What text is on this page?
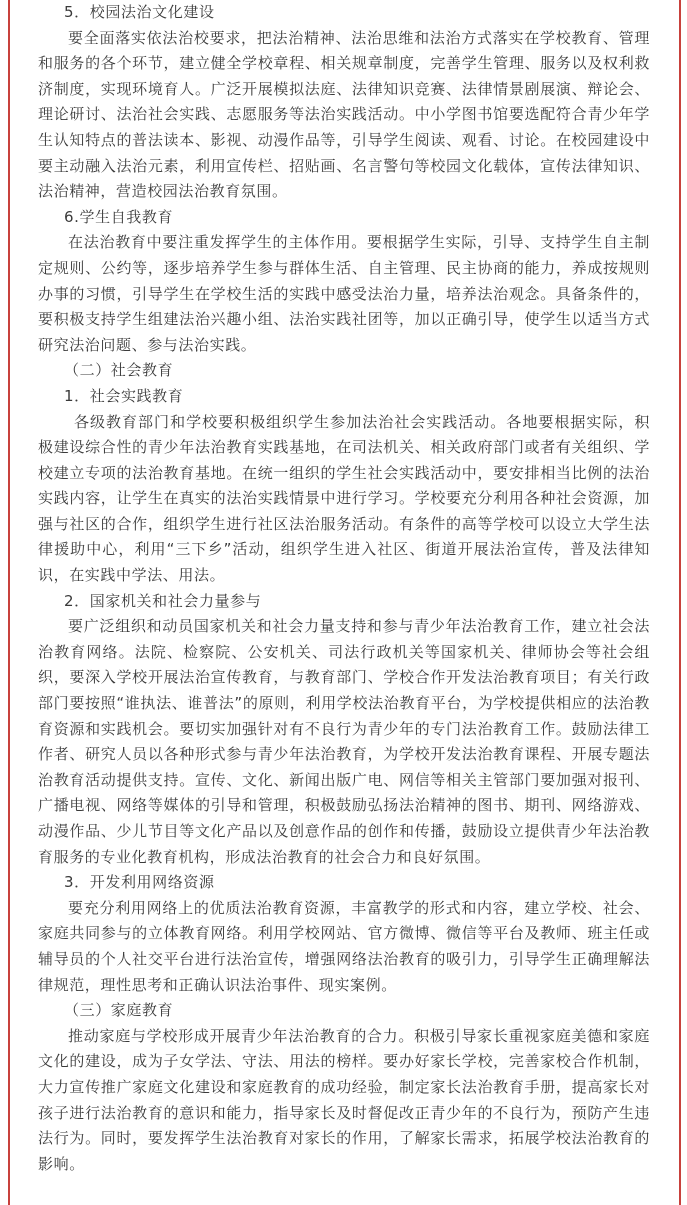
5．校园法治文化建设

要全面落实依法治校要求，把法治精神、法治思维和法治方式落实在学校教育、管理和服务的各个环节，建立健全学校章程、相关规章制度，完善学生管理、服务以及权利救济制度，实现环境育人。广泛开展模拟法庭、法律知识竞赛、法律情景剧展演、辩论会、理论研讨、法治社会实践、志愿服务等法治实践活动。中小学图书馆要选配符合青少年学生认知特点的普法读本、影视、动漫作品等，引导学生阅读、观看、讨论。在校园建设中要主动融入法治元素，利用宣传栏、招贴画、名言警句等校园文化载体，宣传法律知识、法治精神，营造校园法治教育氛围。

6.学生自我教育

在法治教育中要注重发挥学生的主体作用。要根据学生实际，引导、支持学生自主制定规则、公约等，逐步培养学生参与群体生活、自主管理、民主协商的能力，养成按规则办事的习惯，引导学生在学校生活的实践中感受法治力量，培养法治观念。具备条件的，要积极支持学生组建法治兴趣小组、法治实践社团等，加以正确引导，使学生以适当方式研究法治问题、参与法治实践。

（二）社会教育

1．社会实践教育

各级教育部门和学校要积极组织学生参加法治社会实践活动。各地要根据实际，积极建设综合性的青少年法治教育实践基地，在司法机关、相关政府部门或者有关组织、学校建立专项的法治教育基地。在统一组织的学生社会实践活动中，要安排相当比例的法治实践内容，让学生在真实的法治实践情景中进行学习。学校要充分利用各种社会资源，加强与社区的合作，组织学生进行社区法治服务活动。有条件的高等学校可以设立大学生法律援助中心，利用“三下乡”活动，组织学生进入社区、街道开展法治宣传，普及法律知识，在实践中学法、用法。

2．国家机关和社会力量参与

要广泛组织和动员国家机关和社会力量支持和参与青少年法治教育工作，建立社会法治教育网络。法院、检察院、公安机关、司法行政机关等国家机关、律师协会等社会组织，要深入学校开展法治宣传教育，与教育部门、学校合作开发法治教育项目；有关行政部门要按照“谁执法、谁普法”的原则，利用学校法治教育平台，为学校提供相应的法治教育资源和实践机会。要切实加强针对有不良行为青少年的专门法治教育工作。鼓励法律工作者、研究人员以各种形式参与青少年法治教育，为学校开发法治教育课程、开展专题法治教育活动提供支持。宣传、文化、新闻出版广电、网信等相关主管部门要加强对报刊、广播电视、网络等媒体的引导和管理，积极鼓励弘扬法治精神的图书、期刊、网络游戏、动漫作品、少儿节目等文化产品以及创意作品的创作和传播，鼓励设立提供青少年法治教育服务的专业化教育机构，形成法治教育的社会合力和良好氛围。

3．开发利用网络资源

要充分利用网络上的优质法治教育资源，丰富教学的形式和内容，建立学校、社会、家庭共同参与的立体教育网络。利用学校网站、官方微博、微信等平台及教师、班主任或辅导员的个人社交平台进行法治宣传，增强网络法治教育的吸引力，引导学生正确理解法律规范，理性思考和正确认识法治事件、现实案例。

（三）家庭教育

推动家庭与学校形成开展青少年法治教育的合力。积极引导家长重视家庭美德和家庭文化的建设，成为子女学法、守法、用法的榜样。要办好家长学校，完善家校合作机制，大力宣传推广家庭文化建设和家庭教育的成功经验，制定家长法治教育手册，提高家长对孩子进行法治教育的意识和能力，指导家长及时督促改正青少年的不良行为，预防产生违法行为。同时，要发挥学生法治教育对家长的作用，了解家长需求，拓展学校法治教育的影响。
